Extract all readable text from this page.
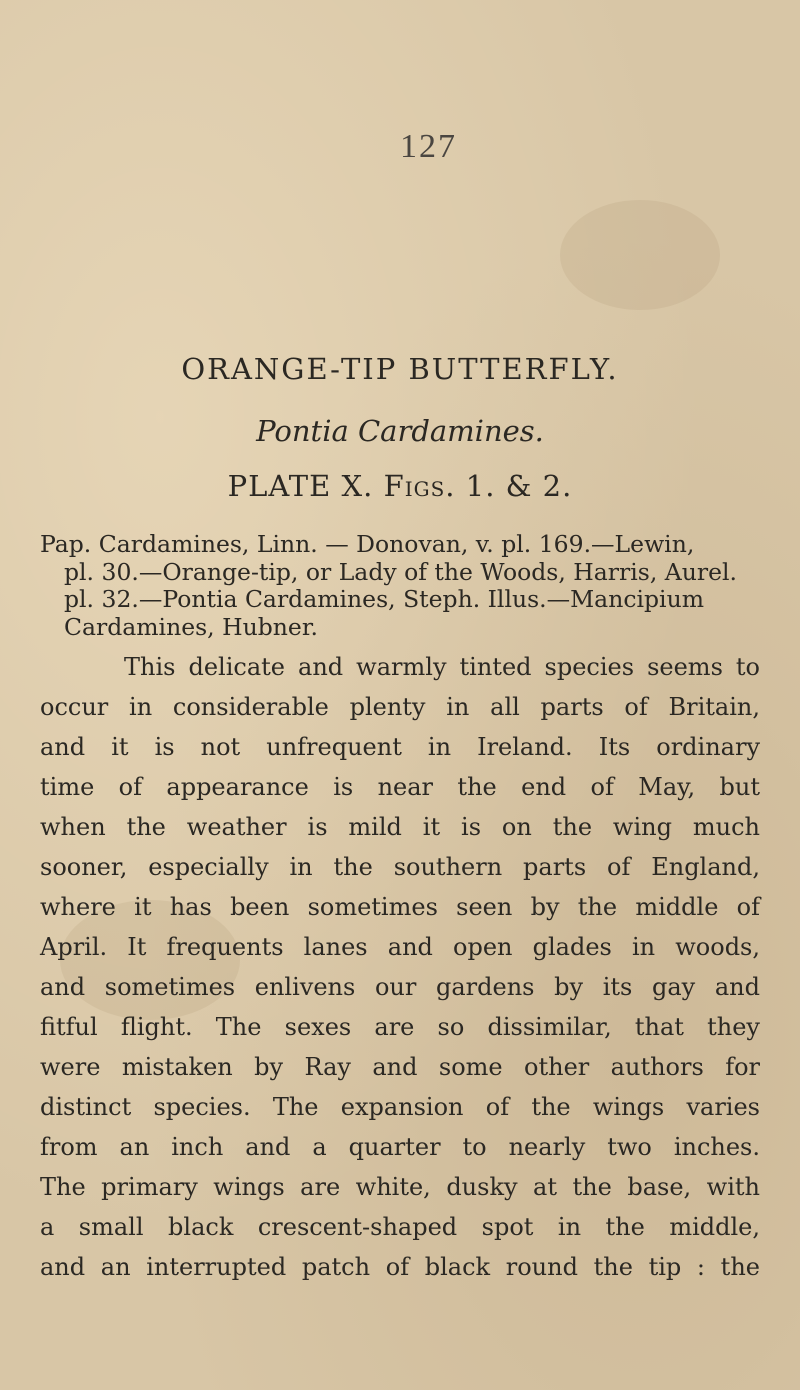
127
ORANGE-TIP BUTTERFLY.
Pontia Cardamines.
PLATE X. Figs. 1. & 2.
Pap. Cardamines, Linn. — Donovan, v. pl. 169.—Lewin,
pl. 30.—Orange-tip, or Lady of the Woods, Harris, Aurel.
pl. 32.—Pontia Cardamines, Steph. Illus.—Mancipium
Cardamines, Hubner.
This delicate and warmly tinted species seems to
occur in considerable plenty in all parts of Britain,
and it is not unfrequent in Ireland. Its ordinary
time of appearance is near the end of May, but
when the weather is mild it is on the wing much
sooner, especially in the southern parts of England,
where it has been sometimes seen by the middle of
April. It frequents lanes and open glades in woods,
and sometimes enlivens our gardens by its gay and
fitful flight. The sexes are so dissimilar, that they
were mistaken by Ray and some other authors for
distinct species. The expansion of the wings varies
from an inch and a quarter to nearly two inches.
The primary wings are white, dusky at the base, with
a small black crescent-shaped spot in the middle,
and an interrupted patch of black round the tip : the
